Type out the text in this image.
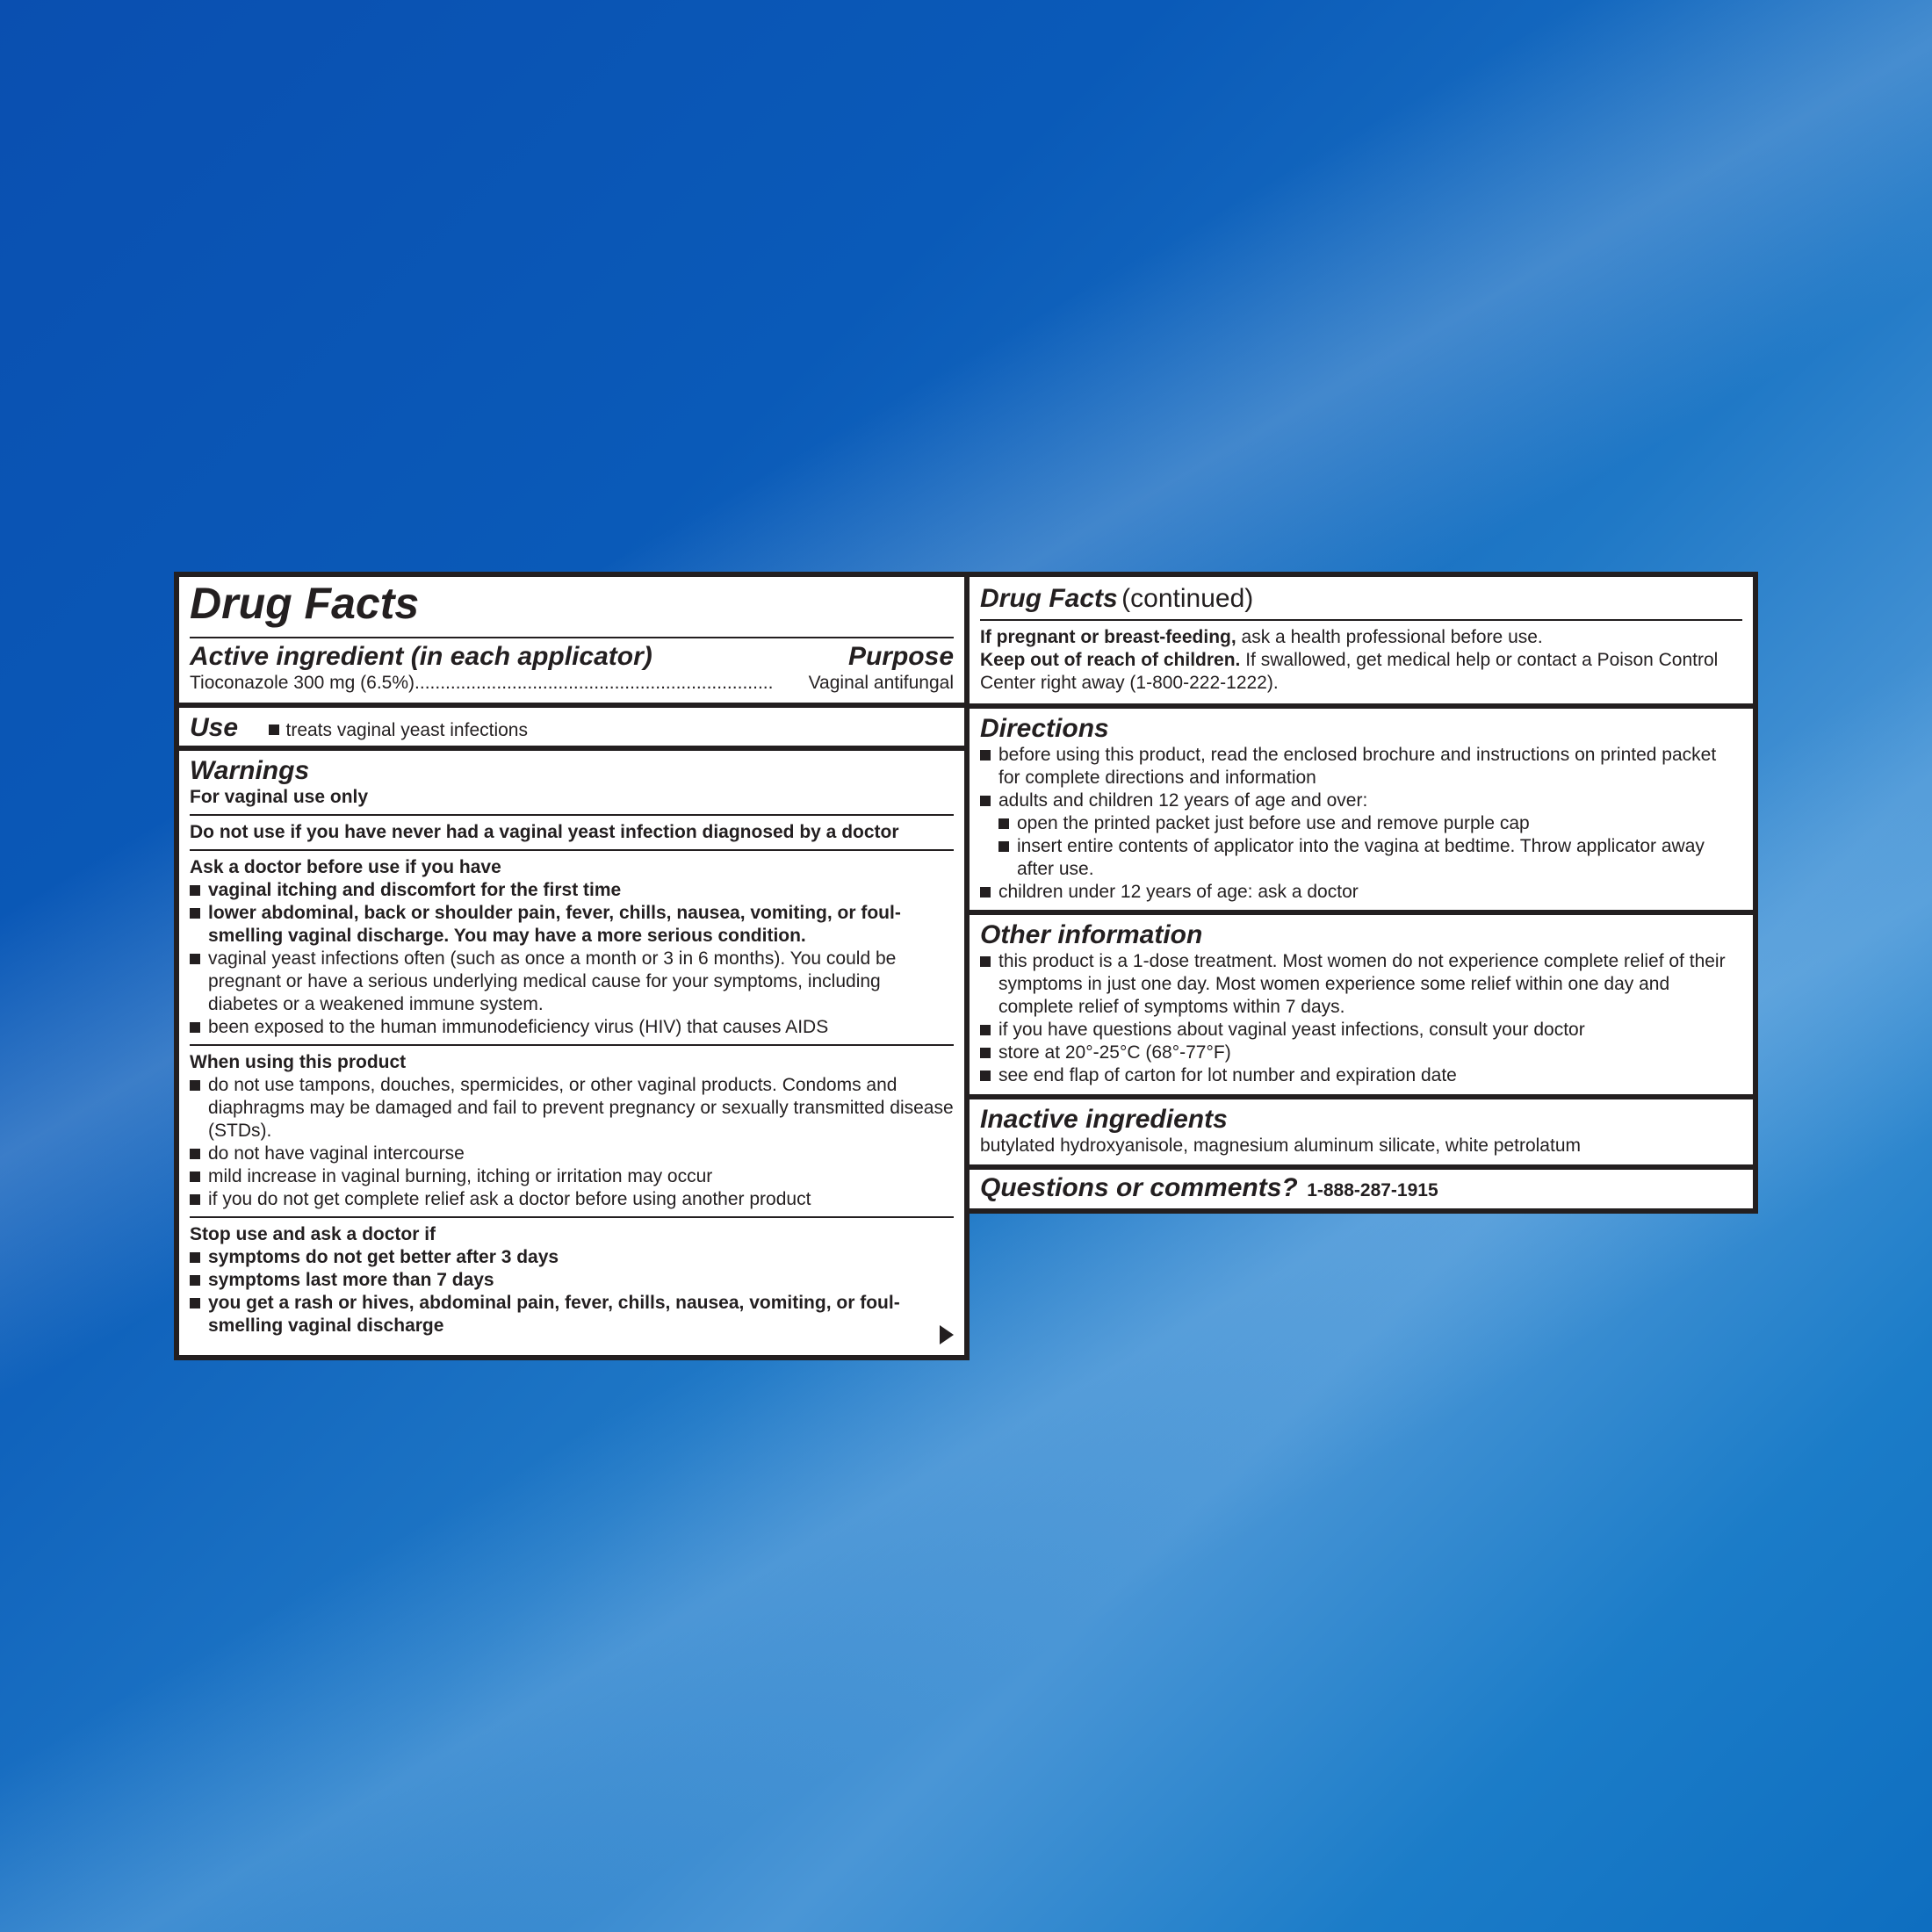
Drug Facts
Active ingredient (in each applicator)	Purpose
Tioconazole 300 mg (6.5%) ......................................................................	Vaginal antifungal
Use	treats vaginal yeast infections
Warnings
For vaginal use only
Do not use if you have never had a vaginal yeast infection diagnosed by a doctor
Ask a doctor before use if you have
vaginal itching and discomfort for the first time
lower abdominal, back or shoulder pain, fever, chills, nausea, vomiting, or foul-smelling vaginal discharge. You may have a more serious condition.
vaginal yeast infections often (such as once a month or 3 in 6 months). You could be pregnant or have a serious underlying medical cause for your symptoms, including diabetes or a weakened immune system.
been exposed to the human immunodeficiency virus (HIV) that causes AIDS
When using this product
do not use tampons, douches, spermicides, or other vaginal products. Condoms and diaphragms may be damaged and fail to prevent pregnancy or sexually transmitted disease (STDs).
do not have vaginal intercourse
mild increase in vaginal burning, itching or irritation may occur
if you do not get complete relief ask a doctor before using another product
Stop use and ask a doctor if
symptoms do not get better after 3 days
symptoms last more than 7 days
you get a rash or hives, abdominal pain, fever, chills, nausea, vomiting, or foul-smelling vaginal discharge
Drug Facts (continued)
If pregnant or breast-feeding, ask a health professional before use.
Keep out of reach of children. If swallowed, get medical help or contact a Poison Control Center right away (1-800-222-1222).
Directions
before using this product, read the enclosed brochure and instructions on printed packet for complete directions and information
adults and children 12 years of age and over:
open the printed packet just before use and remove purple cap
insert entire contents of applicator into the vagina at bedtime. Throw applicator away after use.
children under 12 years of age: ask a doctor
Other information
this product is a 1-dose treatment. Most women do not experience complete relief of their symptoms in just one day. Most women experience some relief within one day and complete relief of symptoms within 7 days.
if you have questions about vaginal yeast infections, consult your doctor
store at 20°-25°C (68°-77°F)
see end flap of carton for lot number and expiration date
Inactive ingredients
butylated hydroxyanisole, magnesium aluminum silicate, white petrolatum
Questions or comments? 1-888-287-1915
